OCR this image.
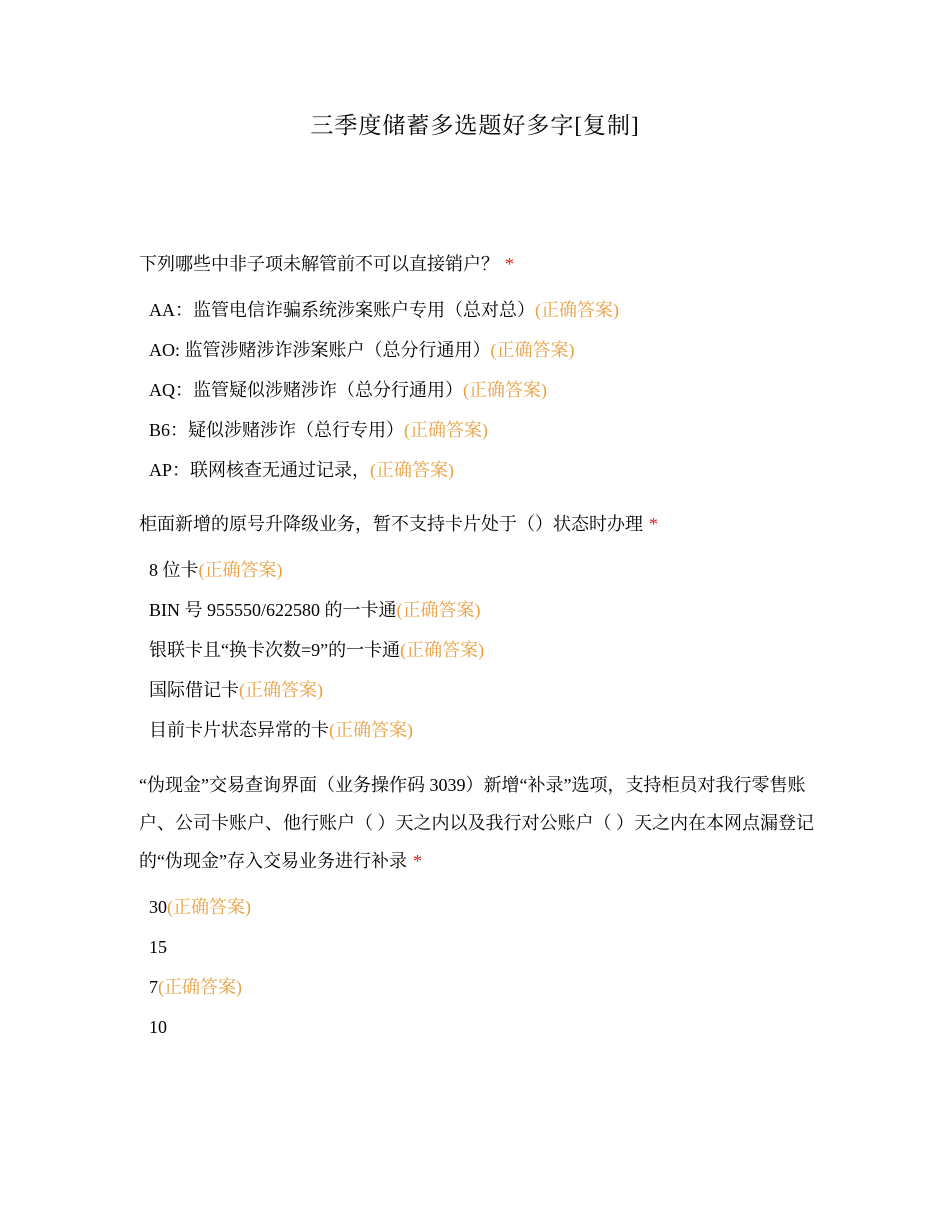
三季度储蓄多选题好多字[复制]
下列哪些中非子项未解管前不可以直接销户？ *
AA：监管电信诈骗系统涉案账户专用（总对总）(正确答案)
AO: 监管涉赌涉诈涉案账户（总分行通用）(正确答案)
AQ：监管疑似涉赌涉诈（总分行通用）(正确答案)
B6：疑似涉赌涉诈（总行专用）(正确答案)
AP：联网核查无通过记录，(正确答案)
柜面新增的原号升降级业务，暂不支持卡片处于（）状态时办理 *
8 位卡(正确答案)
BIN 号 955550/622580 的一卡通(正确答案)
银联卡且“换卡次数=9”的一卡通(正确答案)
国际借记卡(正确答案)
目前卡片状态异常的卡(正确答案)
“伪现金”交易查询界面（业务操作码 3039）新增“补录”选项，支持柜员对我行零售账户、公司卡账户、他行账户（ ）天之内以及我行对公账户（ ）天之内在本网点漏登记的“伪现金”存入交易业务进行补录 *
30(正确答案)
15
7(正确答案)
10
